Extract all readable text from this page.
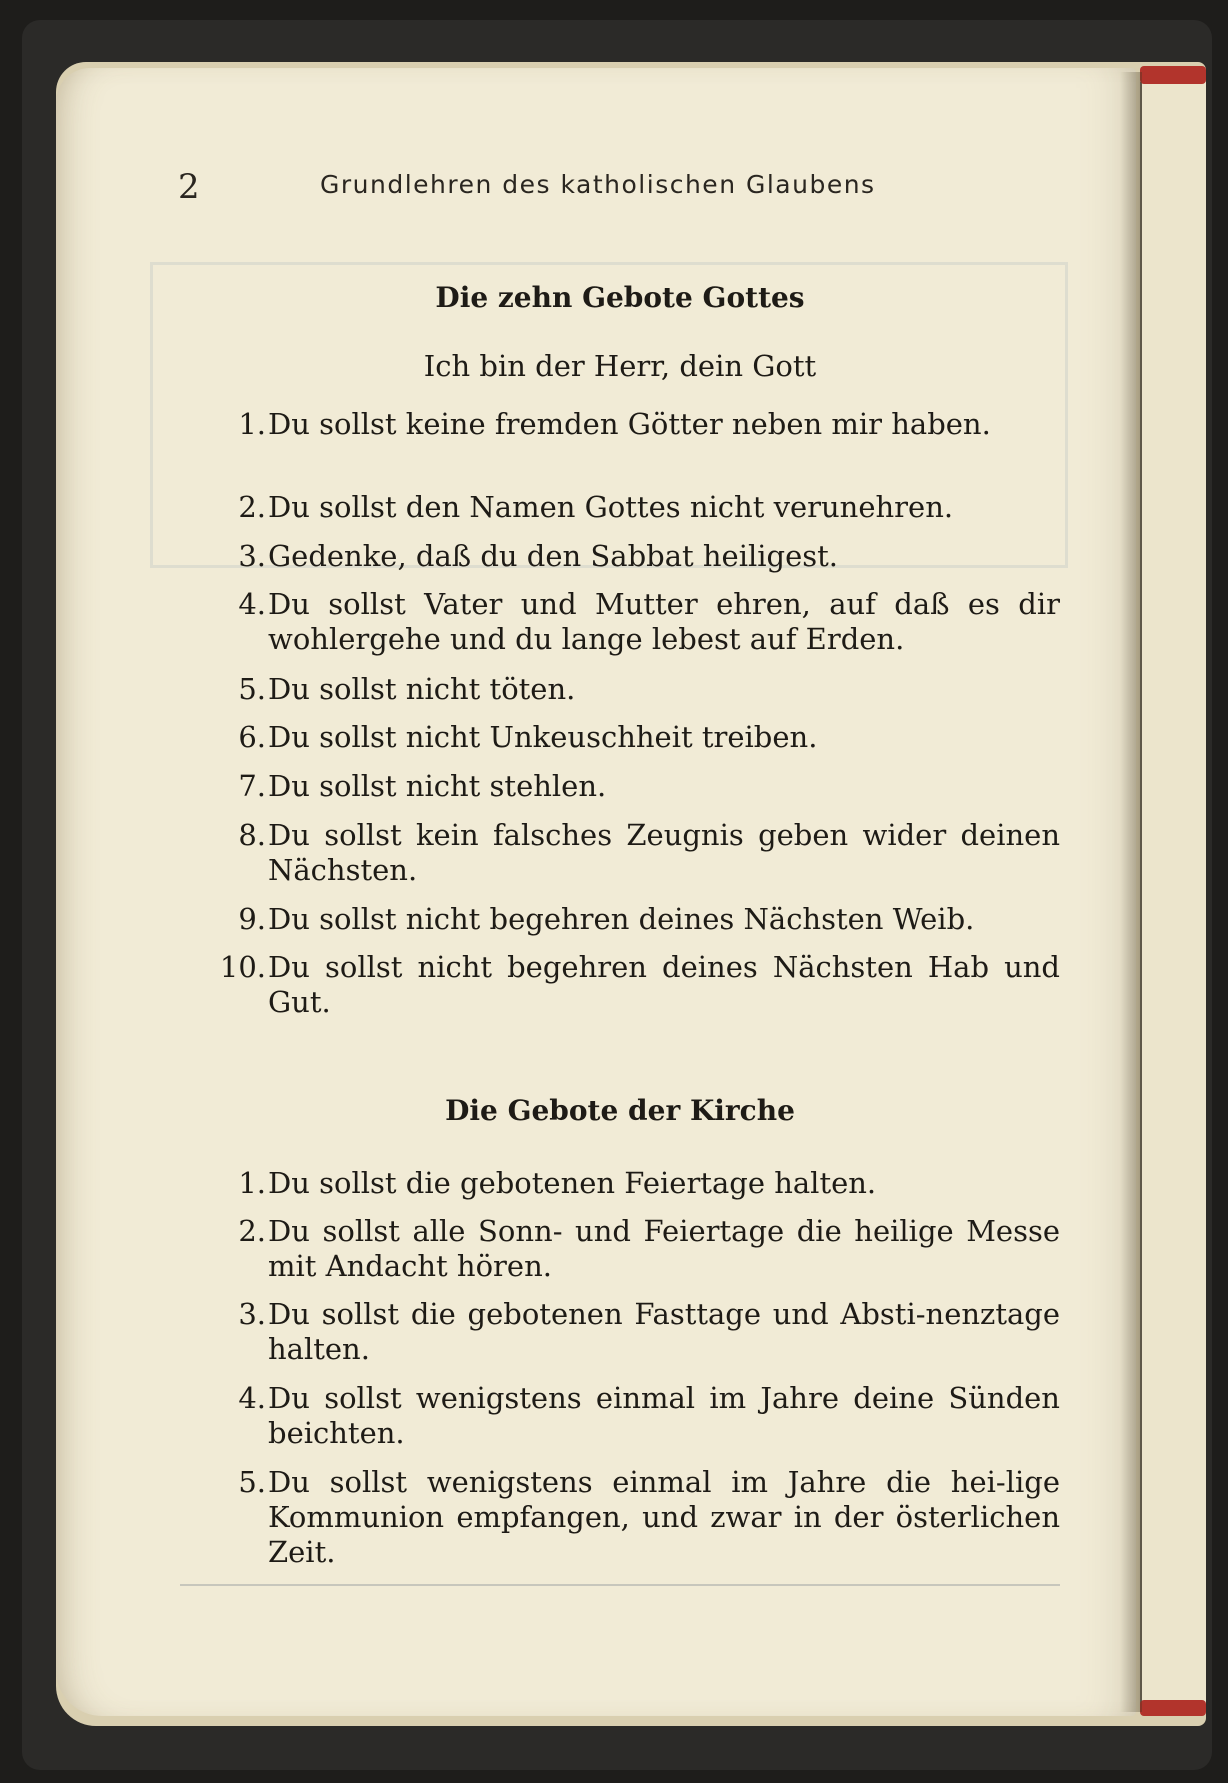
2	Grundlehren des katholischen Glaubens
Die zehn Gebote Gottes
Ich bin der Herr, dein Gott
1. Du sollst keine fremden Götter neben mir haben.
2. Du sollst den Namen Gottes nicht verunehren.
3. Gedenke, daß du den Sabbat heiligest.
4. Du sollst Vater und Mutter ehren, auf daß es dir wohlergehe und du lange lebest auf Erden.
5. Du sollst nicht töten.
6. Du sollst nicht Unkeuschheit treiben.
7. Du sollst nicht stehlen.
8. Du sollst kein falsches Zeugnis geben wider deinen Nächsten.
9. Du sollst nicht begehren deines Nächsten Weib.
10. Du sollst nicht begehren deines Nächsten Hab und Gut.
Die Gebote der Kirche
1. Du sollst die gebotenen Feiertage halten.
2. Du sollst alle Sonn- und Feiertage die heilige Messe mit Andacht hören.
3. Du sollst die gebotenen Fasttage und Absti-nenztage halten.
4. Du sollst wenigstens einmal im Jahre deine Sünden beichten.
5. Du sollst wenigstens einmal im Jahre die hei-lige Kommunion empfangen, und zwar in der österlichen Zeit.
